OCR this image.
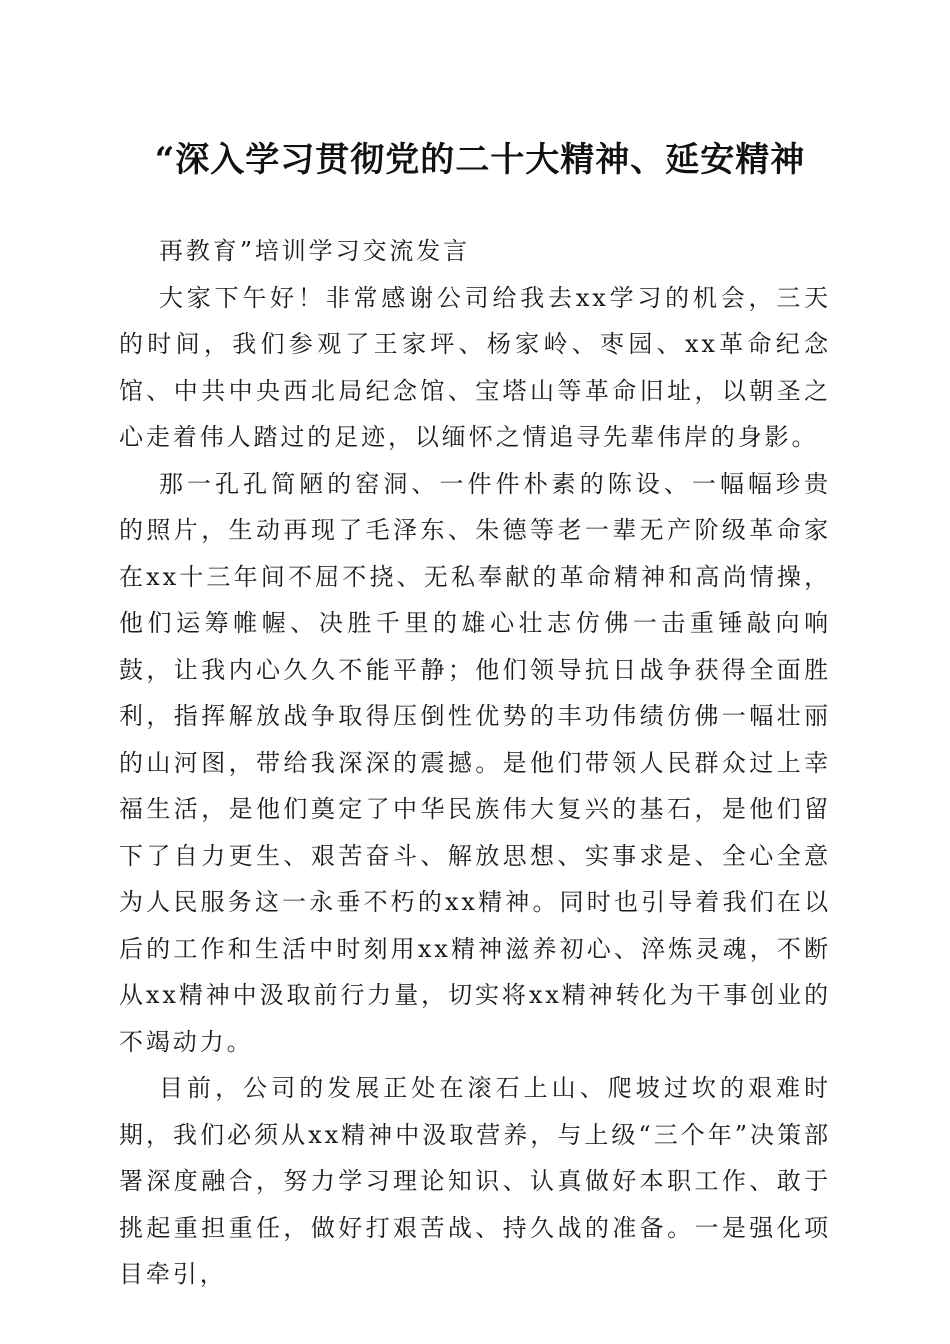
“深入学习贯彻党的二十大精神、延安精神

再教育”培训学习交流发言

大家下午好！非常感谢公司给我去xx学习的机会，三天的时间，我们参观了王家坪、杨家岭、枣园、xx革命纪念馆、中共中央西北局纪念馆、宝塔山等革命旧址，以朝圣之心走着伟人踏过的足迹，以缅怀之情追寻先辈伟岸的身影。

那一孔孔简陋的窑洞、一件件朴素的陈设、一幅幅珍贵的照片，生动再现了毛泽东、朱德等老一辈无产阶级革命家在xx十三年间不屈不挠、无私奉献的革命精神和高尚情操，他们运筹帷幄、决胜千里的雄心壮志仿佛一击重锤敲向响鼓，让我内心久久不能平静；他们领导抗日战争获得全面胜利，指挥解放战争取得压倒性优势的丰功伟绩仿佛一幅壮丽的山河图，带给我深深的震撼。是他们带领人民群众过上幸福生活，是他们奠定了中华民族伟大复兴的基石，是他们留下了自力更生、艰苦奋斗、解放思想、实事求是、全心全意为人民服务这一永垂不朽的xx精神。同时也引导着我们在以后的工作和生活中时刻用xx精神滋养初心、淬炼灵魂，不断从xx精神中汲取前行力量，切实将xx精神转化为干事创业的不竭动力。

目前，公司的发展正处在滚石上山、爬坡过坎的艰难时期，我们必须从xx精神中汲取营养，与上级“三个年”决策部署深度融合，努力学习理论知识、认真做好本职工作、敢于挑起重担重任，做好打艰苦战、持久战的准备。一是强化项目牵引，
